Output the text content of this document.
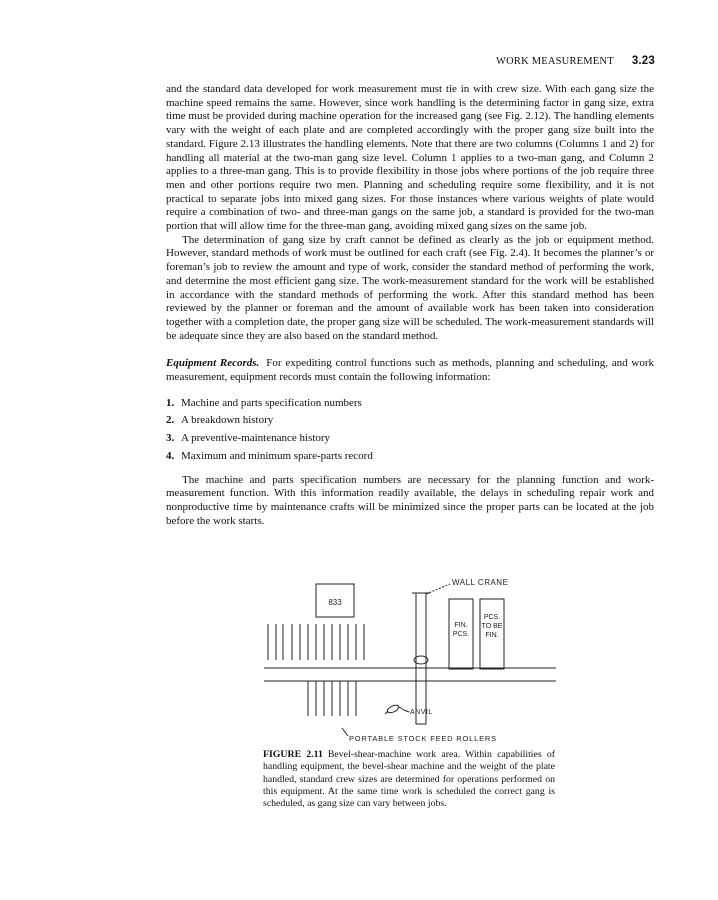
WORK MEASUREMENT 3.23

and the standard data developed for work measurement must tie in with crew size. With each gang size the machine speed remains the same. However, since work handling is the determining factor in gang size, extra time must be provided during machine operation for the increased gang (see Fig. 2.12). The handling elements vary with the weight of each plate and are completed accordingly with the proper gang size built into the standard. Figure 2.13 illustrates the handling elements. Note that there are two columns (Columns 1 and 2) for handling all material at the two-man gang size level. Column 1 applies to a two-man gang, and Column 2 applies to a three-man gang. This is to provide flexibility in those jobs where portions of the job require three men and other portions require two men. Planning and scheduling require some flexibility, and it is not practical to separate jobs into mixed gang sizes. For those instances where various weights of plate would require a combination of two- and three-man gangs on the same job, a standard is provided for the two-man portion that will allow time for the three-man gang, avoiding mixed gang sizes on the same job.

The determination of gang size by craft cannot be defined as clearly as the job or equipment method. However, standard methods of work must be outlined for each craft (see Fig. 2.4). It becomes the planner’s or foreman’s job to review the amount and type of work, consider the standard method of performing the work, and determine the most efficient gang size. The work-measurement standard for the work will be established in accordance with the standard methods of performing the work. After this standard method has been reviewed by the planner or foreman and the amount of available work has been taken into consideration together with a completion date, the proper gang size will be scheduled. The work-measurement standards will be adequate since they are also based on the standard method.

Equipment Records. For expediting control functions such as methods, planning and scheduling, and work measurement, equipment records must contain the following information:

1. Machine and parts specification numbers
2. A breakdown history
3. A preventive-maintenance history
4. Maximum and minimum spare-parts record

The machine and parts specification numbers are necessary for the planning function and work-measurement function. With this information readily available, the delays in scheduling repair work and nonproductive time by maintenance crafts will be minimized since the proper parts can be located at the job before the work starts.

WALL CRANE
833
FIN.
PCS.
PCS.
TO BE
FIN.
ANVIL
PORTABLE STOCK FEED ROLLERS
FIGURE 2.11 Bevel-shear-machine work area. Within capabilities of handling equipment, the bevel-shear machine and the weight of the plate handled, standard crew sizes are determined for operations performed on this equipment. At the same time work is scheduled the correct gang is scheduled, as gang size can vary between jobs.
